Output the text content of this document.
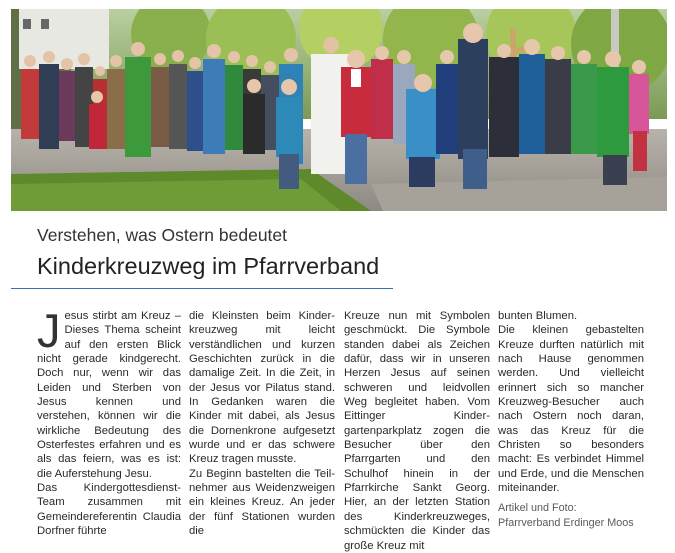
Verstehen, was Ostern bedeutet
Kinderkreuzweg im Pfarrverband
J esus stirbt am Kreuz – Dieses Thema scheint auf den ersten Blick nicht gerade kindgerecht. Doch nur, wenn wir das Leiden und Sterben von Jesus kennen und verstehen, können wir die wirkliche Bedeutung des Osterfestes erfahren und es als das feiern, was es ist: die Auferstehung Jesu.

Das Kindergottesdienst-Team zusammen mit Gemeindereferentin Claudia Dorfner führte

die Kleinsten beim Kinderkreuzweg mit leicht verständlichen und kurzen Geschichten zurück in die damalige Zeit. In die Zeit, in der Jesus vor Pilatus stand. In Gedanken waren die Kinder mit dabei, als Jesus die Dornenkrone aufgesetzt wurde und er das schwere Kreuz tragen musste.

Zu Beginn bastelten die Teilnehmer aus Weidenzweigen ein kleines Kreuz. An jeder der fünf Stationen wurden die

Kreuze nun mit Symbolen geschmückt. Die Symbole standen dabei als Zeichen dafür, dass wir in unseren Herzen Jesus auf seinen schweren und leidvollen Weg begleitet haben. Vom Eittinger Kindergartenparkplatz zogen die Besucher über den Pfarrgarten und den Schulhof hinein in der Pfarrkirche Sankt Georg. Hier, an der letzten Station des Kinderkreuzweges, schmückten die Kinder das große Kreuz mit

bunten Blumen.

Die kleinen gebastelten Kreuze durften natürlich mit nach Hause genommen werden. Und vielleicht erinnert sich so mancher Kreuzweg-Besucher auch nach Ostern noch daran, was das Kreuz für die Christen so besonders macht: Es verbindet Himmel und Erde, und die Menschen miteinander.

Artikel und Foto:
Pfarrverband Erdinger Moos
